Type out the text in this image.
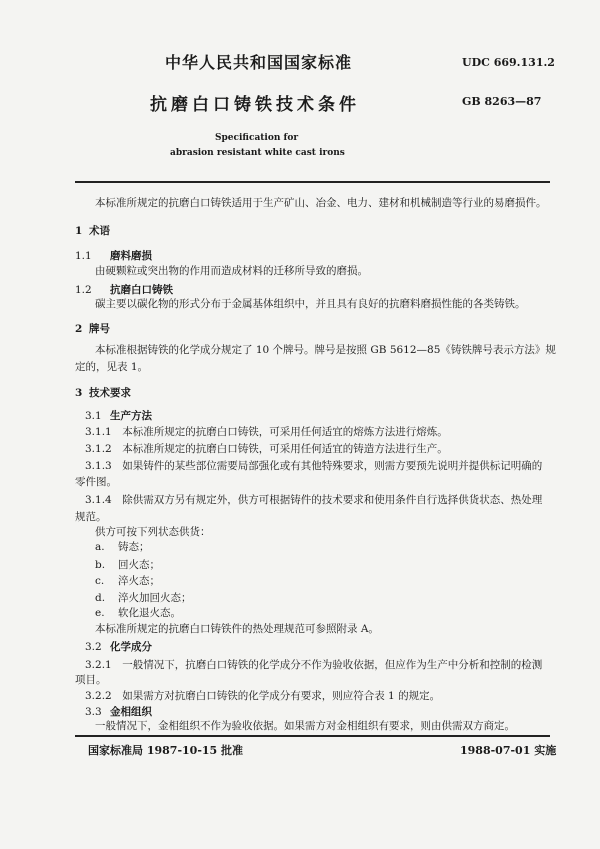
中华人民共和国国家标准	UDC 669.131.2
抗磨白口铸铁技术条件	GB 8263—87
Specification for
abrasion resistant white cast irons
本标准所规定的抗磨白口铸铁适用于生产矿山、冶金、电力、建材和机械制造等行业的易磨损件。
1 术语
1.1 磨料磨损
由硬颗粒或突出物的作用而造成材料的迁移所导致的磨损。
1.2 抗磨白口铸铁
碳主要以碳化物的形式分布于金属基体组织中，并且具有良好的抗磨料磨损性能的各类铸铁。
2 牌号
本标准根据铸铁的化学成分规定了 10 个牌号。牌号是按照 GB 5612—85《铸铁牌号表示方法》规
定的，见表 1。
3 技术要求
3.1 生产方法
3.1.1　本标准所规定的抗磨白口铸铁，可采用任何适宜的熔炼方法进行熔炼。
3.1.2　本标准所规定的抗磨白口铸铁，可采用任何适宜的铸造方法进行生产。
3.1.3　如果铸件的某些部位需要局部强化或有其他特殊要求，则需方要预先说明并提供标记明确的
零件图。
3.1.4　除供需双方另有规定外，供方可根据铸件的技术要求和使用条件自行选择供货状态、热处理
规范。
供方可按下列状态供货：
a. 铸态；
b. 回火态；
c. 淬火态；
d. 淬火加回火态；
e. 软化退火态。
本标准所规定的抗磨白口铸铁件的热处理规范可参照附录 A。
3.2 化学成分
3.2.1　一般情况下，抗磨白口铸铁的化学成分不作为验收依据，但应作为生产中分析和控制的检测
项目。
3.2.2　如果需方对抗磨白口铸铁的化学成分有要求，则应符合表 1 的规定。
3.3 金相组织
一般情况下，金相组织不作为验收依据。如果需方对金相组织有要求，则由供需双方商定。
国家标准局 1987-10-15 批准	1988-07-01 实施
